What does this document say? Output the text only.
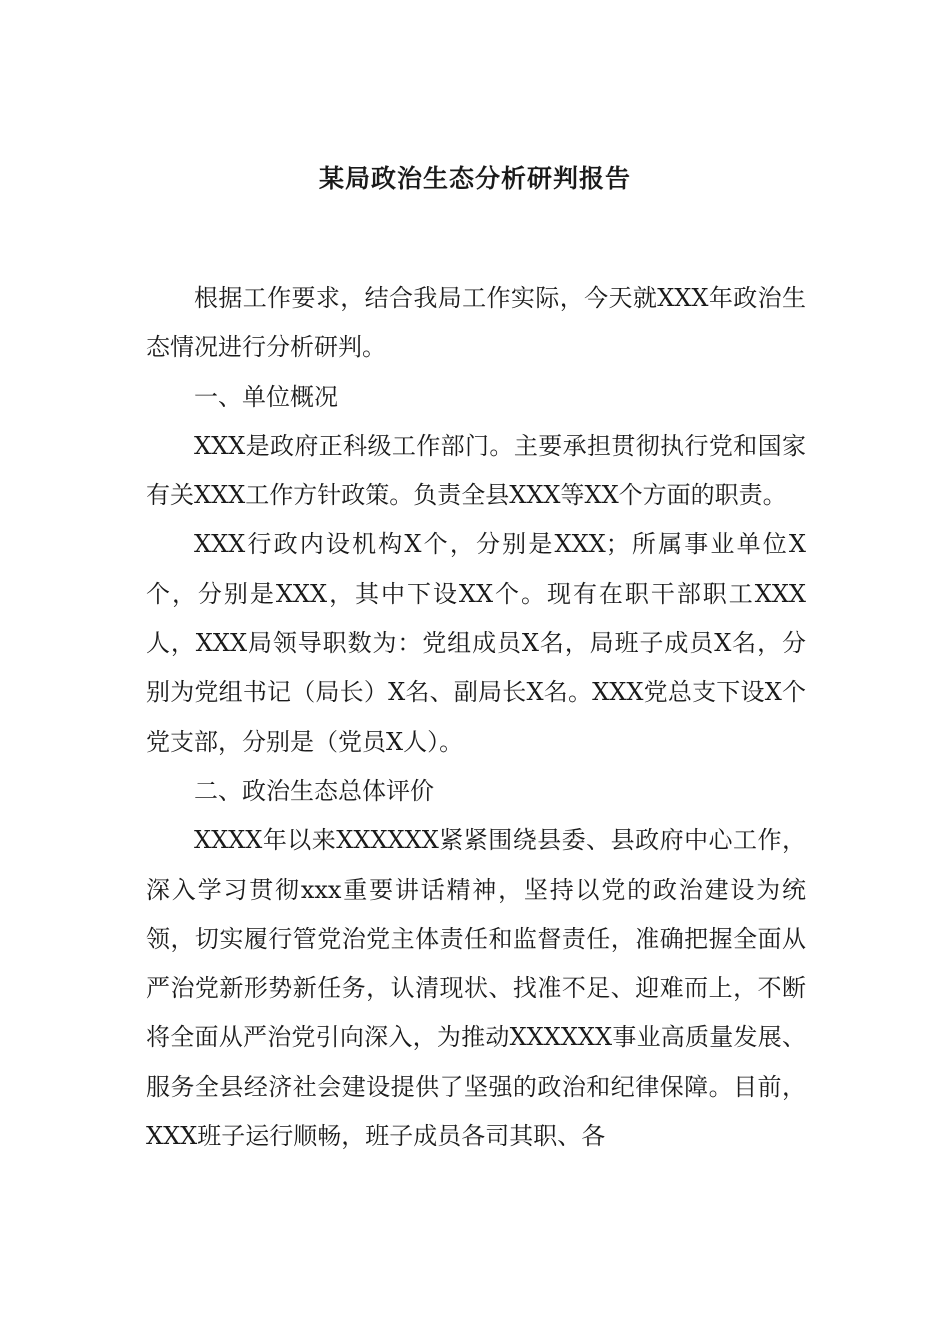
某局政治生态分析研判报告

根据工作要求，结合我局工作实际，今天就XXX年政治生态情况进行分析研判。

一、单位概况

XXX是政府正科级工作部门。主要承担贯彻执行党和国家有关XXX工作方针政策。负责全县XXX等XX个方面的职责。

XXX行政内设机构X个，分别是XXX；所属事业单位X个，分别是XXX，其中下设XX个。现有在职干部职工XXX人，XXX局领导职数为：党组成员X名，局班子成员X名，分别为党组书记（局长）X名、副局长X名。XXX党总支下设X个党支部，分别是（党员X人）。

二、政治生态总体评价

XXXX年以来XXXXXX紧紧围绕县委、县政府中心工作，深入学习贯彻xxx重要讲话精神，坚持以党的政治建设为统领，切实履行管党治党主体责任和监督责任，准确把握全面从严治党新形势新任务，认清现状、找准不足、迎难而上，不断将全面从严治党引向深入，为推动XXXXXX事业高质量发展、服务全县经济社会建设提供了坚强的政治和纪律保障。目前，XXX班子运行顺畅，班子成员各司其职、各
